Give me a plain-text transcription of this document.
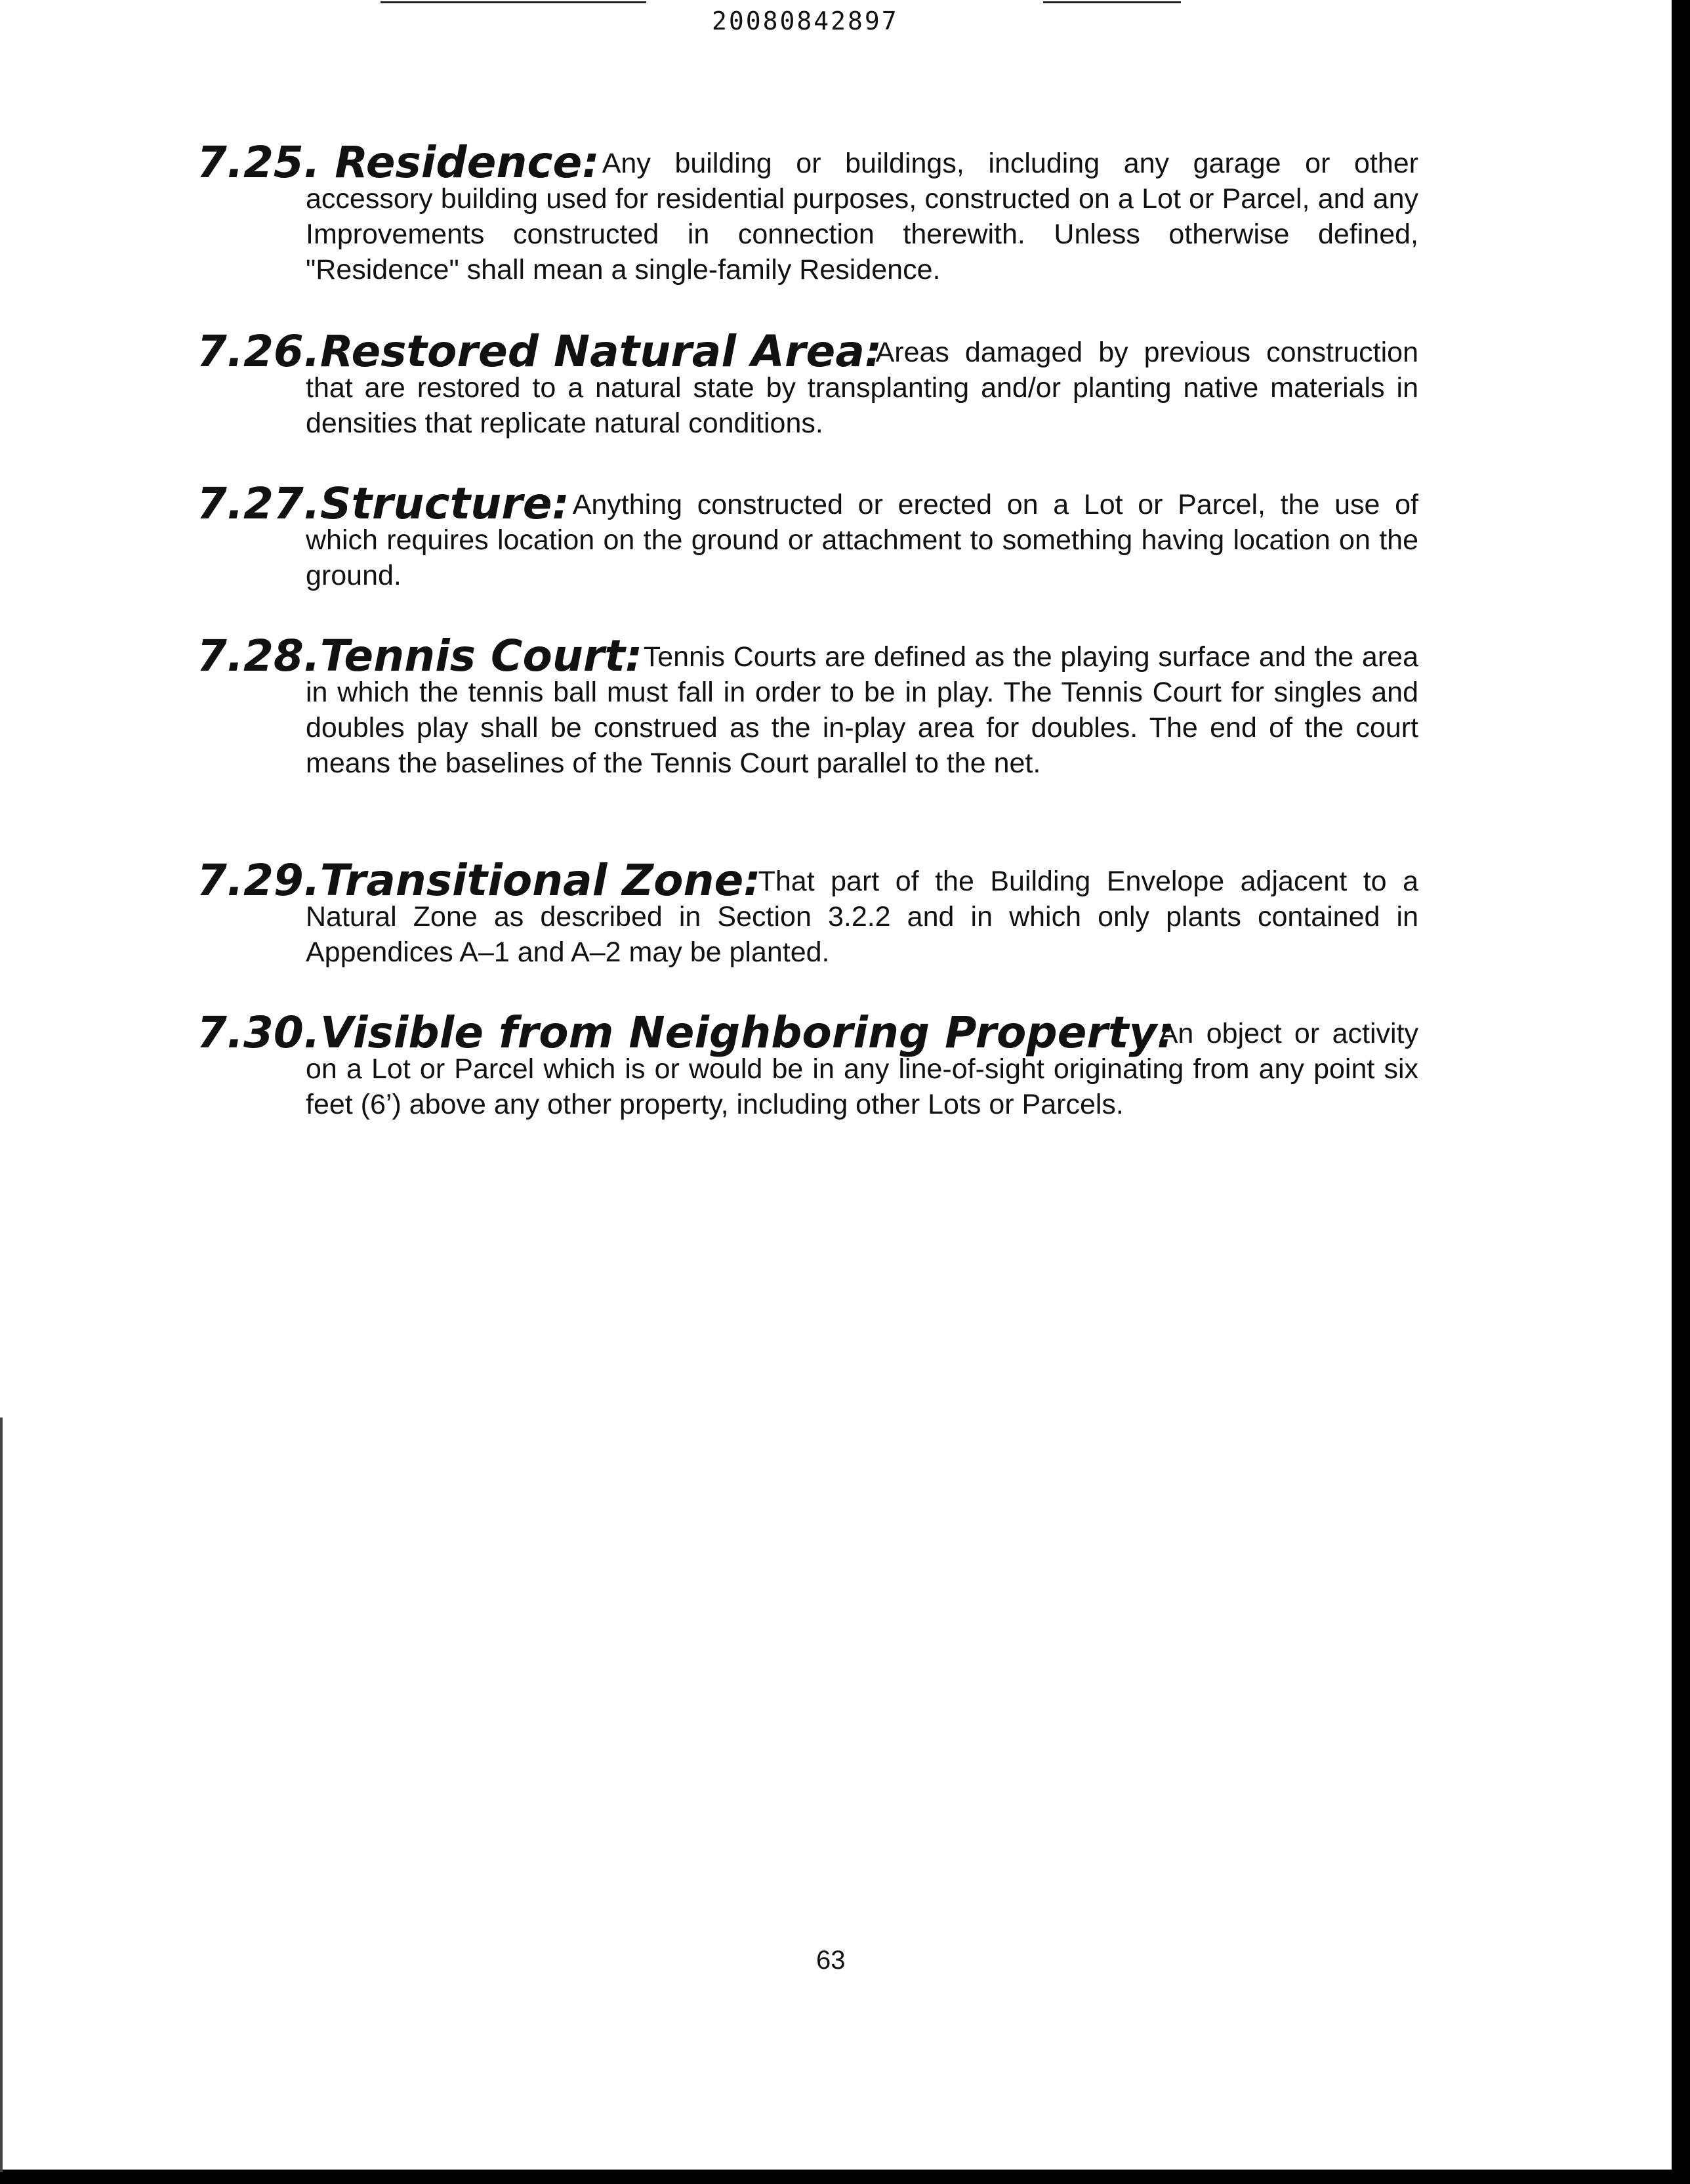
20080842897
Any building or buildings, including any garage or other accessory building used for residential purposes, constructed on a Lot or Parcel, and any Improvements constructed in connection therewith. Unless otherwise defined, "Residence" shall mean a single-family Residence.
7.25. Residence:
Areas damaged by previous construction that are restored to a natural state by transplanting and/or planting native materials in densities that replicate natural conditions.
7.26.Restored Natural Area:
Anything constructed or erected on a Lot or Parcel, the use of which requires location on the ground or attachment to something having location on the ground.
7.27.Structure:
Tennis Courts are defined as the playing surface and the area in which the tennis ball must fall in order to be in play. The Tennis Court for singles and doubles play shall be construed as the in-play area for doubles. The end of the court means the baselines of the Tennis Court parallel to the net.
7.28.Tennis Court:
That part of the Building Envelope adjacent to a Natural Zone as described in Section 3.2.2 and in which only plants contained in Appendices A–1 and A–2 may be planted.
7.29.Transitional Zone:
An object or activity on a Lot or Parcel which is or would be in any line-of-sight originating from any point six feet (6’) above any other property, including other Lots or Parcels.
7.30.Visible from Neighboring Property:
63
